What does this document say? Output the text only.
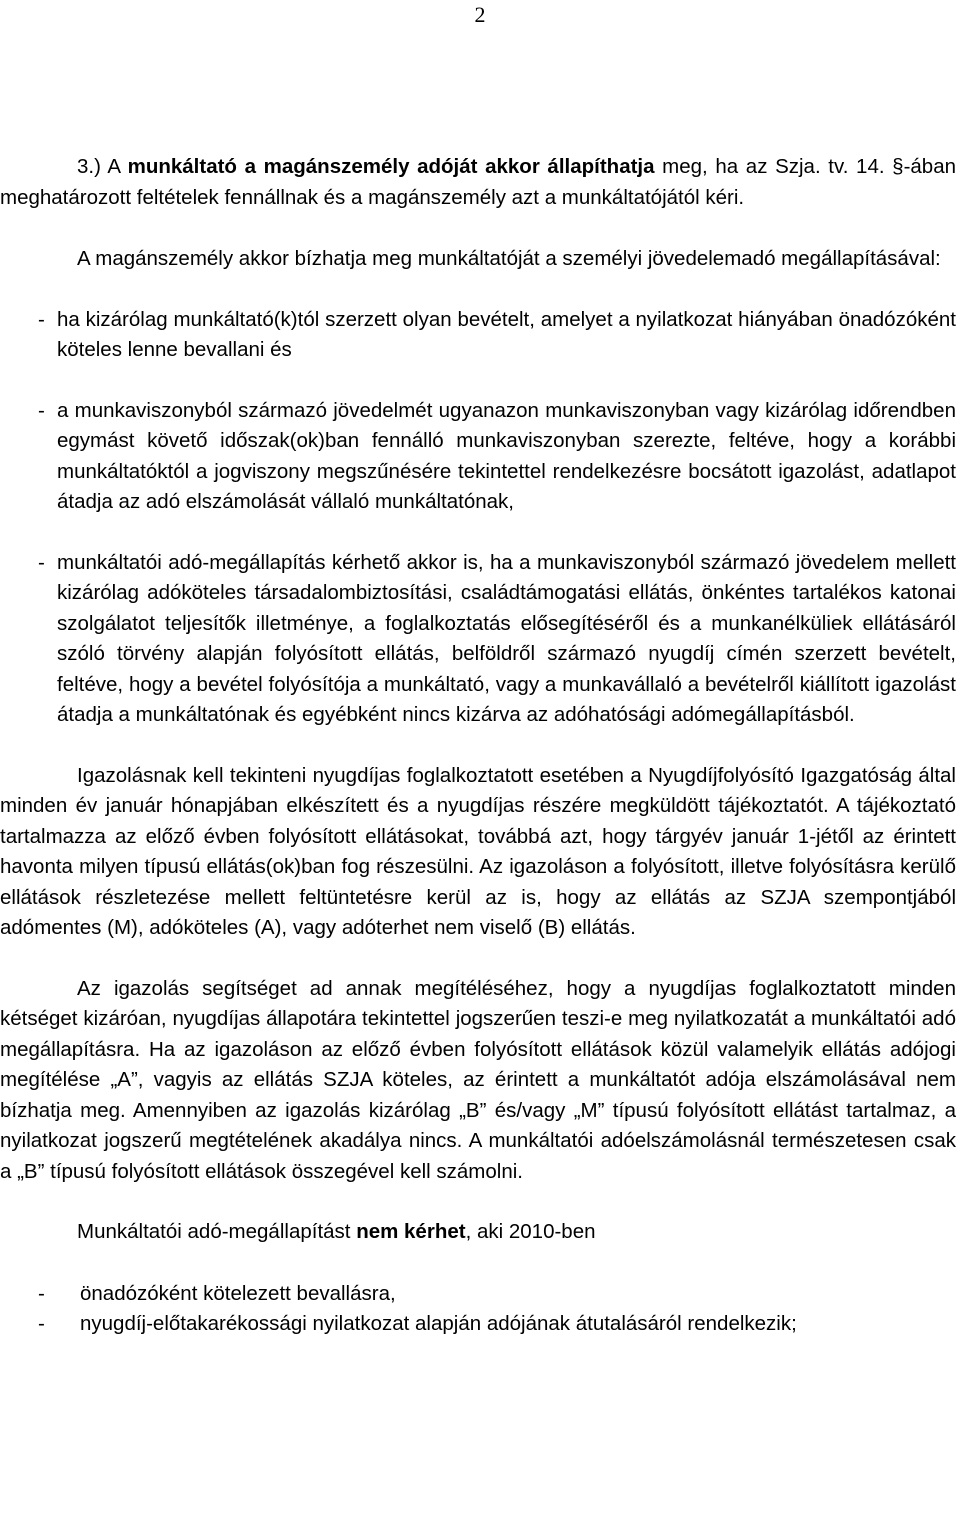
2

3.) A munkáltató a magánszemély adóját akkor állapíthatja meg, ha az Szja. tv. 14. §-ában meghatározott feltételek fennállnak és a magánszemély azt a munkáltatójától kéri.

A magánszemély akkor bízhatja meg munkáltatóját a személyi jövedelemadó megállapításával:

- ha kizárólag munkáltató(k)tól szerzett olyan bevételt, amelyet a nyilatkozat hiányában önadózóként köteles lenne bevallani és
- a munkaviszonyból származó jövedelmét ugyanazon munkaviszonyban vagy kizárólag időrendben egymást követő időszak(ok)ban fennálló munkaviszonyban szerezte, feltéve, hogy a korábbi munkáltatóktól a jogviszony megszűnésére tekintettel rendelkezésre bocsátott igazolást, adatlapot átadja az adó elszámolását vállaló munkáltatónak,
- munkáltatói adó-megállapítás kérhető akkor is, ha a munkaviszonyból származó jövedelem mellett kizárólag adóköteles társadalombiztosítási, családtámogatási ellátás, önkéntes tartalékos katonai szolgálatot teljesítők illetménye, a foglalkoztatás elősegítéséről és a munkanélküliek ellátásáról szóló törvény alapján folyósított ellátás, belföldről származó nyugdíj címén szerzett bevételt, feltéve, hogy a bevétel folyósítója a munkáltató, vagy a munkavállaló a bevételről kiállított igazolást átadja a munkáltatónak és egyébként nincs kizárva az adóhatósági adómegállapításból.

Igazolásnak kell tekinteni nyugdíjas foglalkoztatott esetében a Nyugdíjfolyósító Igazgatóság által minden év január hónapjában elkészített és a nyugdíjas részére megküldött tájékoztatót. A tájékoztató tartalmazza az előző évben folyósított ellátásokat, továbbá azt, hogy tárgyév január 1-jétől az érintett havonta milyen típusú ellátás(ok)ban fog részesülni. Az igazoláson a folyósított, illetve folyósításra kerülő ellátások részletezése mellett feltüntetésre kerül az is, hogy az ellátás az SZJA szempontjából adómentes (M), adóköteles (A), vagy adóterhet nem viselő (B) ellátás.

Az igazolás segítséget ad annak megítéléséhez, hogy a nyugdíjas foglalkoztatott minden kétséget kizáróan, nyugdíjas állapotára tekintettel jogszerűen teszi-e meg nyilatkozatát a munkáltatói adó megállapításra. Ha az igazoláson az előző évben folyósított ellátások közül valamelyik ellátás adójogi megítélése „A”, vagyis az ellátás SZJA köteles, az érintett a munkáltatót adója elszámolásával nem bízhatja meg. Amennyiben az igazolás kizárólag „B” és/vagy „M” típusú folyósított ellátást tartalmaz, a nyilatkozat jogszerű megtételének akadálya nincs. A munkáltatói adóelszámolásnál természetesen csak a „B” típusú folyósított ellátások összegével kell számolni.

Munkáltatói adó-megállapítást nem kérhet, aki 2010-ben

-	önadózóként kötelezett bevallásra,
-	nyugdíj-előtakarékossági nyilatkozat alapján adójának átutalásáról rendelkezik;
